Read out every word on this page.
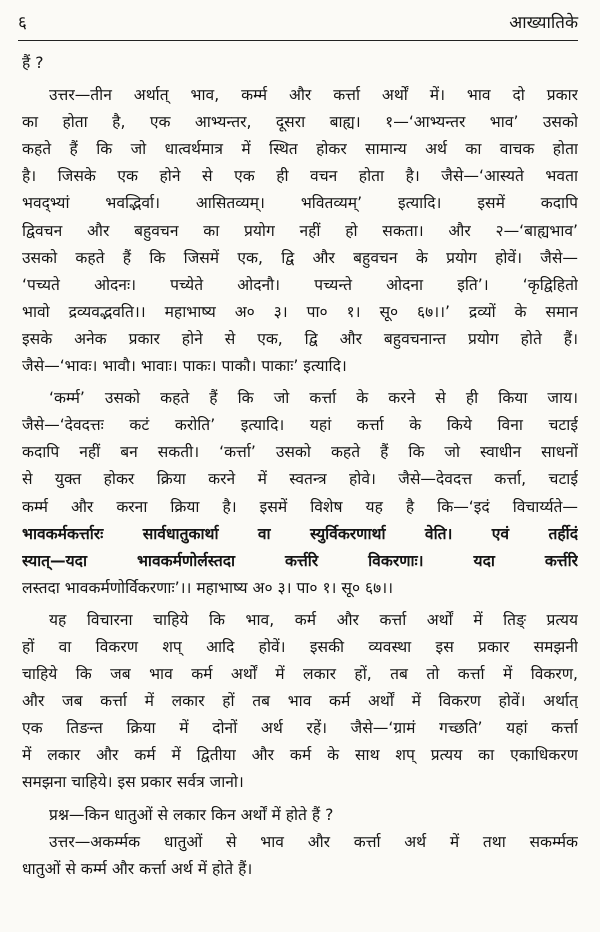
६	आख्यातिके
हैं ?
उत्तर—तीन अर्थात् भाव, कर्म्म और कर्त्ता अर्थों में। भाव दो प्रकार
का होता है, एक आभ्यन्तर, दूसरा बाह्य। १—‘आभ्यन्तर भाव’ उसको
कहते हैं कि जो धात्वर्थमात्र में स्थित होकर सामान्य अर्थ का वाचक होता
है। जिसके एक होने से एक ही वचन होता है। जैसे—‘आस्यते भवता
भवद्भ्यां भवद्भिर्वा। आसितव्यम्। भवितव्यम्’ इत्यादि। इसमें कदापि
द्विवचन और बहुवचन का प्रयोग नहीं हो सकता। और २—‘बाह्यभाव’
उसको कहते हैं कि जिसमें एक, द्वि और बहुवचन के प्रयोग होवें। जैसे—
‘पच्यते ओदनः। पच्येते ओदनौ। पच्यन्ते ओदना इति’। ‘कृद्विहितो
भावो द्रव्यवद्भवति।। महाभाष्य अ० ३। पा० १। सू० ६७।।’ द्रव्यों के समान
इसके अनेक प्रकार होने से एक, द्वि और बहुवचनान्त प्रयोग होते हैं।
जैसे—‘भावः। भावौ। भावाः। पाकः। पाकौ। पाकाः’ इत्यादि।
‘कर्म्म’ उसको कहते हैं कि जो कर्त्ता के करने से ही किया जाय।
जैसे—‘देवदत्तः कटं करोति’ इत्यादि। यहां कर्त्ता के किये विना चटाई
कदापि नहीं बन सकती। ‘कर्त्ता’ उसको कहते हैं कि जो स्वाधीन साधनों
से युक्त होकर क्रिया करने में स्वतन्त्र होवे। जैसे—देवदत्त कर्त्ता, चटाई
कर्म्म और करना क्रिया है। इसमें विशेष यह है कि—‘इदं विचार्य्यते—
भावकर्मकर्त्तारः सार्वधातुकार्था वा स्युर्विकरणार्था वेति। एवं तर्हीदं
स्यात्—यदा भावकर्मणोर्लस्तदा कर्त्तरि विकरणाः। यदा कर्त्तरि
लस्तदा भावकर्मणोर्विकरणाः’।। महाभाष्य अ० ३। पा० १। सू० ६७।।
यह विचारना चाहिये कि भाव, कर्म और कर्त्ता अर्थों में तिङ् प्रत्यय
हों वा विकरण शप् आदि होवें। इसकी व्यवस्था इस प्रकार समझनी
चाहिये कि जब भाव कर्म अर्थों में लकार हों, तब तो कर्त्ता में विकरण,
और जब कर्त्ता में लकार हों तब भाव कर्म अर्थों में विकरण होवें। अर्थात्
एक तिङन्त क्रिया में दोनों अर्थ रहें। जैसे—‘ग्रामं गच्छति’ यहां कर्त्ता
में लकार और कर्म में द्वितीया और कर्म के साथ शप् प्रत्यय का एकाधिकरण
समझना चाहिये। इस प्रकार सर्वत्र जानो।
प्रश्न—किन धातुओं से लकार किन अर्थों में होते हैं ?
उत्तर—अकर्म्मक धातुओं से भाव और कर्त्ता अर्थ में तथा सकर्म्मक
धातुओं से कर्म्म और कर्त्ता अर्थ में होते हैं।
